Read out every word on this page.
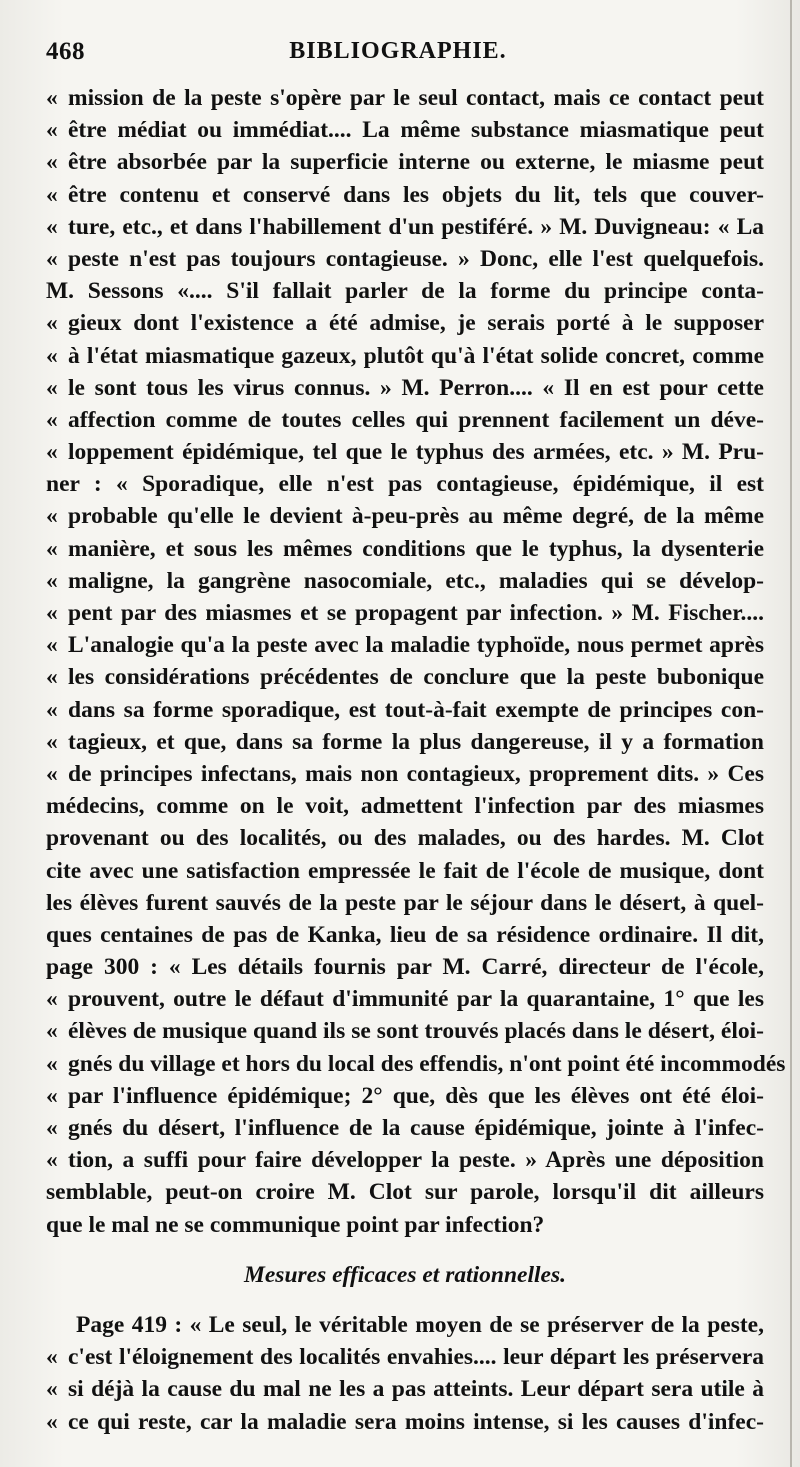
468	BIBLIOGRAPHIE.
« mission de la peste s'opère par le seul contact, mais ce contact peut
« être médiat ou immédiat.... La même substance miasmatique peut
« être absorbée par la superficie interne ou externe, le miasme peut
« être contenu et conservé dans les objets du lit, tels que couver-
« ture, etc., et dans l'habillement d'un pestiféré. » M. Duvigneau: « La
« peste n'est pas toujours contagieuse. » Donc, elle l'est quelquefois.
M. Sessons «.... S'il fallait parler de la forme du principe conta-
« gieux dont l'existence a été admise, je serais porté à le supposer
« à l'état miasmatique gazeux, plutôt qu'à l'état solide concret, comme
« le sont tous les virus connus. » M. Perron.... « Il en est pour cette
« affection comme de toutes celles qui prennent facilement un déve-
« loppement épidémique, tel que le typhus des armées, etc. » M. Pru-
ner : « Sporadique, elle n'est pas contagieuse, épidémique, il est
« probable qu'elle le devient à-peu-près au même degré, de la même
« manière, et sous les mêmes conditions que le typhus, la dysenterie
« maligne, la gangrène nasocomiale, etc., maladies qui se dévelop-
« pent par des miasmes et se propagent par infection. » M. Fischer....
« L'analogie qu'a la peste avec la maladie typhoïde, nous permet après
« les considérations précédentes de conclure que la peste bubonique
« dans sa forme sporadique, est tout-à-fait exempte de principes con-
« tagieux, et que, dans sa forme la plus dangereuse, il y a formation
« de principes infectans, mais non contagieux, proprement dits. » Ces
médecins, comme on le voit, admettent l'infection par des miasmes
provenant ou des localités, ou des malades, ou des hardes. M. Clot
cite avec une satisfaction empressée le fait de l'école de musique, dont
les élèves furent sauvés de la peste par le séjour dans le désert, à quel-
ques centaines de pas de Kanka, lieu de sa résidence ordinaire. Il dit,
page 300 : « Les détails fournis par M. Carré, directeur de l'école,
« prouvent, outre le défaut d'immunité par la quarantaine, 1° que les
« élèves de musique quand ils se sont trouvés placés dans le désert, éloi-
« gnés du village et hors du local des effendis, n'ont point été incommodés
« par l'influence épidémique; 2° que, dès que les élèves ont été éloi-
« gnés du désert, l'influence de la cause épidémique, jointe à l'infec-
« tion, a suffi pour faire développer la peste. » Après une déposition
semblable, peut-on croire M. Clot sur parole, lorsqu'il dit ailleurs
que le mal ne se communique point par infection?
Mesures efficaces et rationnelles.
Page 419 : « Le seul, le véritable moyen de se préserver de la peste,
« c'est l'éloignement des localités envahies.... leur départ les préservera
« si déjà la cause du mal ne les a pas atteints. Leur départ sera utile à
« ce qui reste, car la maladie sera moins intense, si les causes d'infec-
